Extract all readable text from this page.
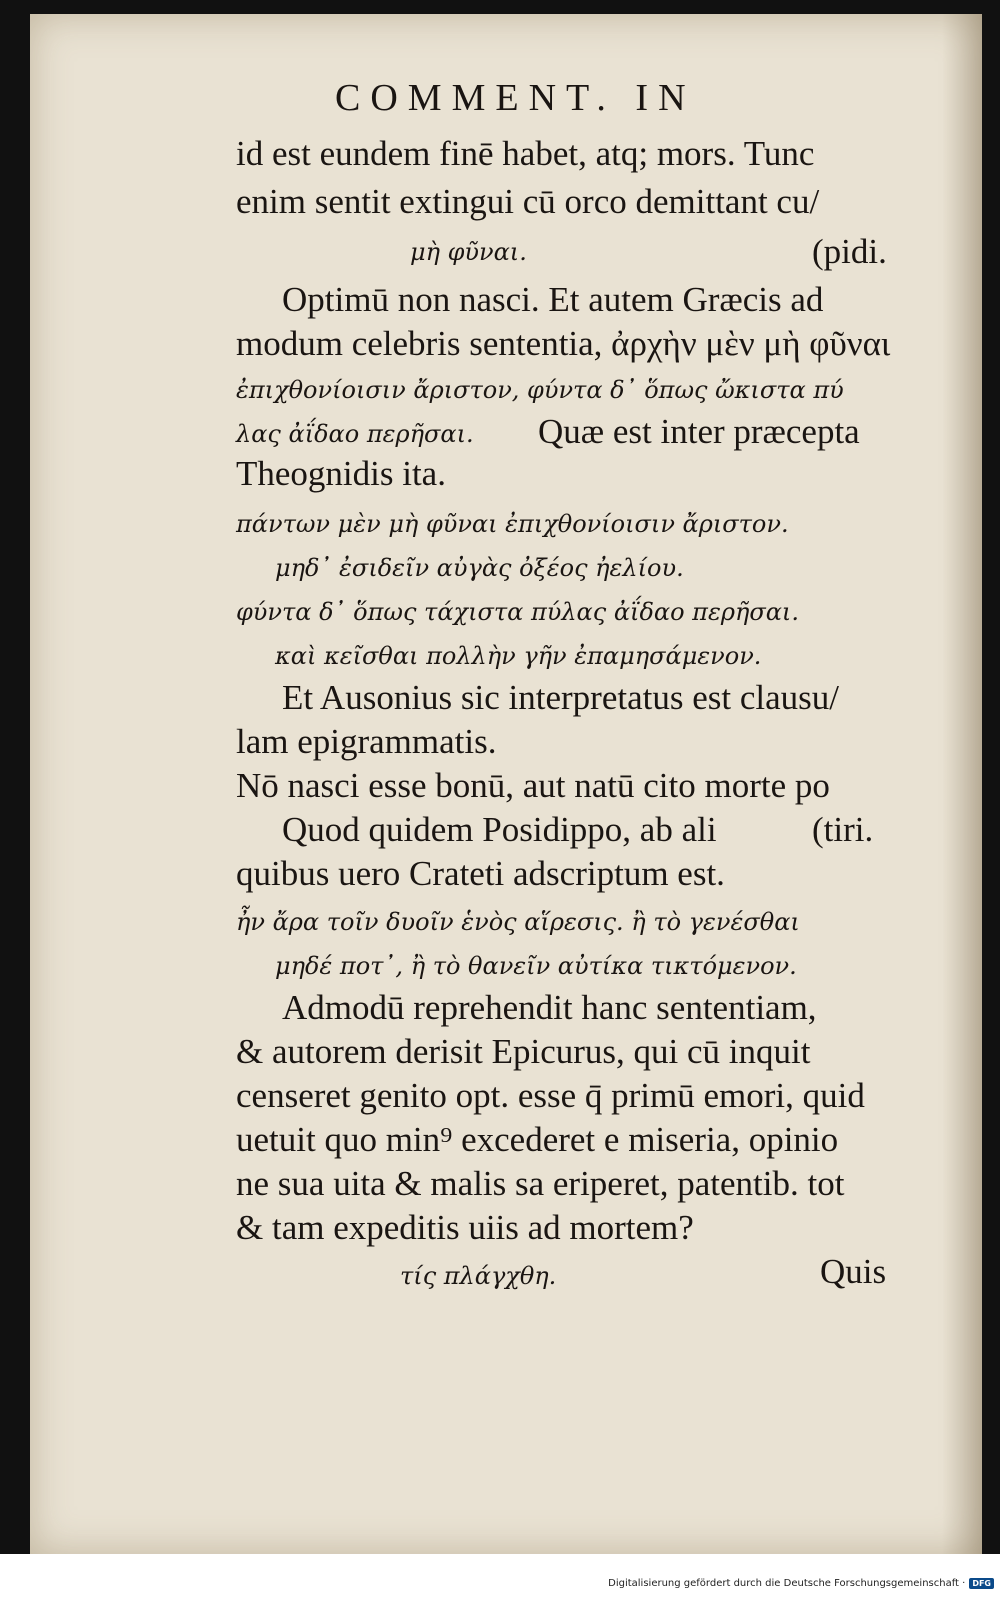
COMMENT. IN
id est eundem finē habet, atq; mors. Tunc
enim sentit extingui cū orco demittant cu/
μὴ φῦναι.	(pidi.
Optimū non nasci. Et autem Græcis ad
modum celebris sententia, ἀρχὴν μὲν μὴ φῦναι
ἐπιχθονίοισιν ἄριστον, φύντα δ᾽ ὅπως ὤκιστα πύ
λας ἀΐδαο περῆσαι. Quæ est inter præcepta
Theognidis ita.
πάντων μὲν μὴ φῦναι ἐπιχθονίοισιν ἄριστον.
μηδ᾽ ἐσιδεῖν αὐγὰς ὀξέος ἠελίου.
φύντα δ᾽ ὅπως τάχιστα πύλας ἀΐδαο περῆσαι.
καὶ κεῖσθαι πολλὴν γῆν ἐπαμησάμενον.
Et Ausonius sic interpretatus est clausu/
lam epigrammatis.
Nō nasci esse bonū, aut natū cito morte po
Quod quidem Posidippo, ab ali	(tiri.
quibus uero Crateti adscriptum est.
ἦν ἄρα τοῖν δυοῖν ἑνὸς αἵρεσις. ἢ τὸ γενέσθαι
μηδέ ποτ᾽, ἢ τὸ θανεῖν αὐτίκα τικτόμενον.
Admodū reprehendit hanc sententiam,
& autorem derisit Epicurus, qui cū inquit
censeret genito opt. esse q̄ primū emori, quid
uetuit quo min⁹ excederet e miseria, opinio
ne sua uita & malis sa eriperet, patentib. tot
& tam expeditis uiis ad mortem?
τίς πλάγχθη.	Quis
Digitalisierung gefördert durch die Deutsche Forschungsgemeinschaft · DFG
